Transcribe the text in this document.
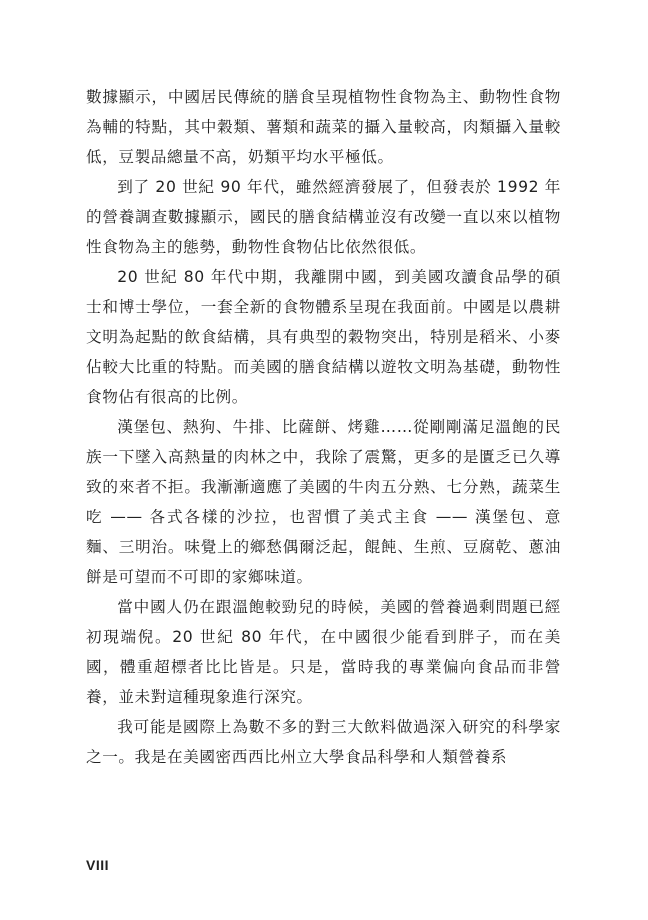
數據顯示，中國居民傳統的膳食呈現植物性食物為主、動物性食物為輔的特點，其中穀類、薯類和蔬菜的攝入量較高，肉類攝入量較低，豆製品總量不高，奶類平均水平極低。

到了 20 世紀 90 年代，雖然經濟發展了，但發表於 1992 年的營養調查數據顯示，國民的膳食結構並沒有改變一直以來以植物性食物為主的態勢，動物性食物佔比依然很低。

20 世紀 80 年代中期，我離開中國，到美國攻讀食品學的碩士和博士學位，一套全新的食物體系呈現在我面前。中國是以農耕文明為起點的飲食結構，具有典型的穀物突出，特別是稻米、小麥佔較大比重的特點。而美國的膳食結構以遊牧文明為基礎，動物性食物佔有很高的比例。

漢堡包、熱狗、牛排、比薩餅、烤雞……從剛剛滿足溫飽的民族一下墜入高熱量的肉林之中，我除了震驚，更多的是匱乏已久導致的來者不拒。我漸漸適應了美國的牛肉五分熟、七分熟，蔬菜生吃 —— 各式各樣的沙拉，也習慣了美式主食 —— 漢堡包、意麵、三明治。味覺上的鄉愁偶爾泛起，餛飩、生煎、豆腐乾、蔥油餅是可望而不可即的家鄉味道。

當中國人仍在跟溫飽較勁兒的時候，美國的營養過剩問題已經初現端倪。20 世紀 80 年代，在中國很少能看到胖子，而在美國，體重超標者比比皆是。只是，當時我的專業偏向食品而非營養，並未對這種現象進行深究。

我可能是國際上為數不多的對三大飲料做過深入研究的科學家之一。我是在美國密西西比州立大學食品科學和人類營養系

VIII
